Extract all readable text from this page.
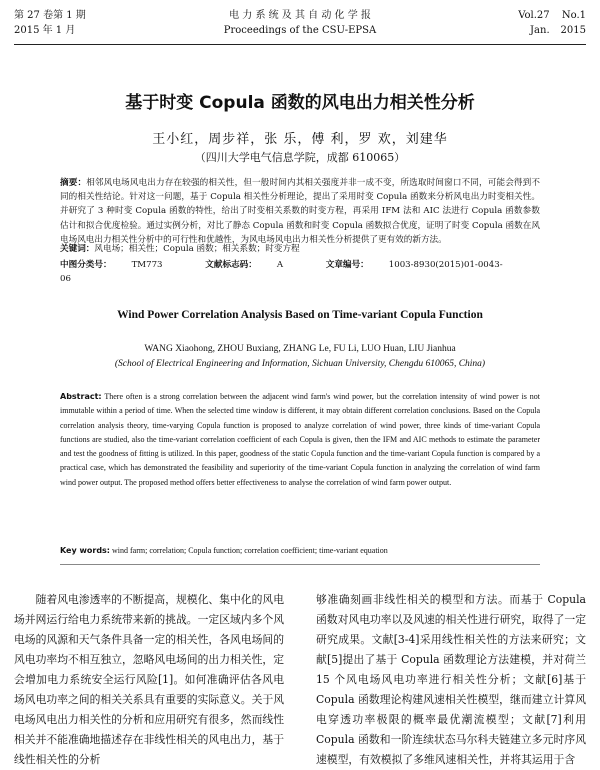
第 27 卷第 1 期
2015 年 1 月
电 力 系 统 及 其 自 动 化 学 报
Proceedings of the CSU-EPSA
Vol.27 No.1
Jan. 2015
基于时变 Copula 函数的风电出力相关性分析
王小红，周步祥，张 乐，傅 利，罗 欢，刘建华
（四川大学电气信息学院，成都 610065）
摘要：相邻风电场风电出力存在较强的相关性，但一般时间内其相关强度并非一成不变，所选取时间窗口不同，可能会得到不同的相关性结论。针对这一问题，基于 Copula 相关性分析理论，提出了采用时变 Copula 函数来分析风电出力时变相关性。并研究了 3 种时变 Copula 函数的特性，给出了时变相关系数的时变方程，再采用 IFM 法和 AIC 法进行 Copula 函数参数估计和拟合优度检验。通过实例分析，对比了静态 Copula 函数和时变 Copula 函数拟合优度，证明了时变 Copula 函数在风电场风电出力相关性分析中的可行性和优越性，为风电场风电出力相关性分析提供了更有效的新方法。
关键词：风电场；相关性；Copula 函数；相关系数；时变方程
中图分类号： TM773	文献标志码： A	文章编号： 1003-8930(2015)01-0043-06
Wind Power Correlation Analysis Based on Time-variant Copula Function
WANG Xiaohong, ZHOU Buxiang, ZHANG Le, FU Li, LUO Huan, LIU Jianhua
(School of Electrical Engineering and Information, Sichuan University, Chengdu 610065, China)
Abstract: There often is a strong correlation between the adjacent wind farm's wind power, but the correlation intensity of wind power is not immutable within a period of time. When the selected time window is different, it may obtain different correlation conclusions. Based on the Copula correlation analysis theory, time-varying Copula function is proposed to analyze correlation of wind power, three kinds of time-variant Copula functions are studied, also the time-variant correlation coefficient of each Copula is given, then the IFM and AIC methods to estimate the parameter and test the goodness of fitting is utilized. In this paper, goodness of the static Copula function and the time-variant Copula function is compared by a practical case, which has demonstrated the feasibility and superiority of the time-variant Copula function in analyzing the correlation of wind farm wind power output. The proposed method offers better effectiveness to analyse the correlation of wind farm power output.
Key words: wind farm; correlation; Copula function; correlation coefficient; time-variant equation

随着风电渗透率的不断提高，规模化、集中化的风电场并网运行给电力系统带来新的挑战。一定区域内多个风电场的风源和天气条件具备一定的相关性，各风电场间的风电功率均不相互独立，忽略风电场间的出力相关性，定会增加电力系统安全运行风险[1]。如何准确评估各风电场风电功率之间的相关关系具有重要的实际意义。关于风电场风电出力相关性的分析和应用研究有很多，然而线性相关并不能准确地描述存在非线性相关的风电出力，基于线性相关性的分析

够准确刻画非线性相关的模型和方法。而基于 Copula 函数对风电功率以及风速的相关性进行研究，取得了一定研究成果。文献[3-4]采用线性相关性的方法来研究；文献[5]提出了基于 Copula 函数理论方法建模，并对荷兰 15 个风电场风电功率进行相关性分析；文献[6]基于 Copula 函数理论构建风速相关性模型，继而建立计算风电穿透功率极限的概率最优潮流模型；文献[7]利用 Copula 函数和一阶连续状态马尔科夫链建立多元时序风速模型，有效模拟了多维风速相关性，并将其运用于含
